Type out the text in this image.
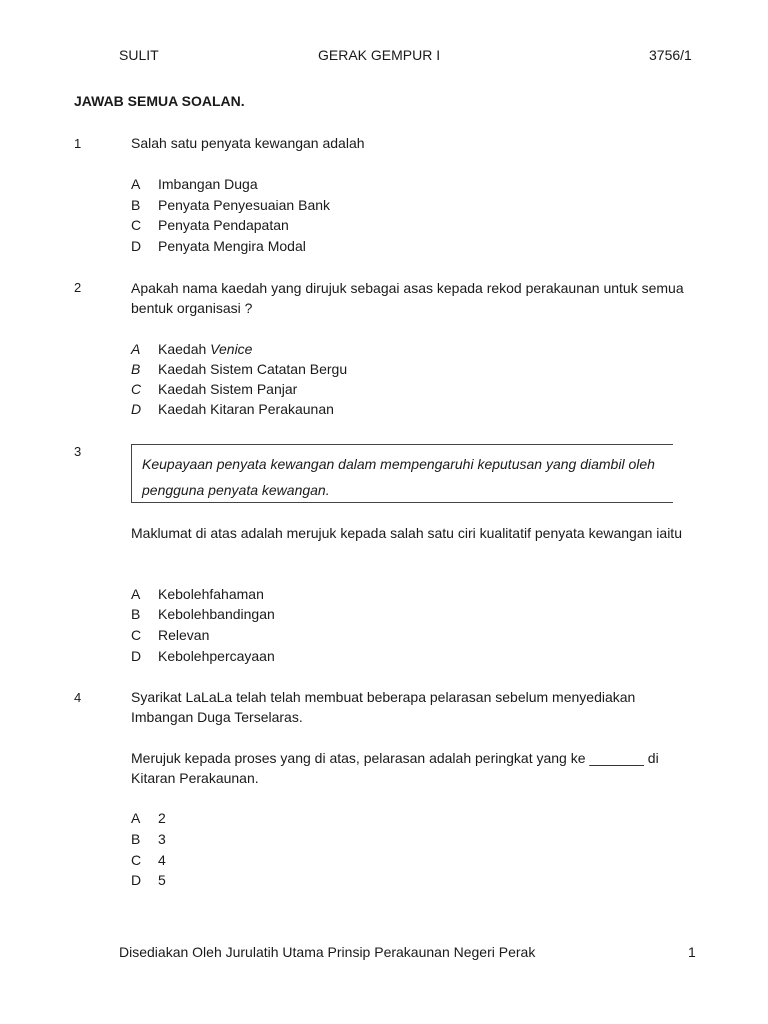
SULIT	GERAK GEMPUR I	3756/1
JAWAB SEMUA SOALAN.
1	Salah satu penyata kewangan adalah
A Imbangan Duga
B Penyata Penyesuaian Bank
C Penyata Pendapatan
D Penyata Mengira Modal
2	Apakah nama kaedah yang dirujuk sebagai asas kepada rekod perakaunan untuk semua bentuk organisasi ?
A Kaedah Venice
B Kaedah Sistem Catatan Bergu
C Kaedah Sistem Panjar
D Kaedah Kitaran Perakaunan
3
Keupayaan penyata kewangan dalam mempengaruhi keputusan yang diambil oleh pengguna penyata kewangan.
Maklumat di atas adalah merujuk kepada salah satu ciri kualitatif penyata kewangan iaitu
A Kebolehfahaman
B Kebolehbandingan
C Relevan
D Kebolehpercayaan
4	Syarikat LaLaLa telah telah membuat beberapa pelarasan sebelum menyediakan Imbangan Duga Terselaras.
Merujuk kepada proses yang di atas, pelarasan adalah peringkat yang ke _______ di Kitaran Perakaunan.
A 2
B 3
C 4
D 5
Disediakan Oleh Jurulatih Utama Prinsip Perakaunan Negeri Perak	1
